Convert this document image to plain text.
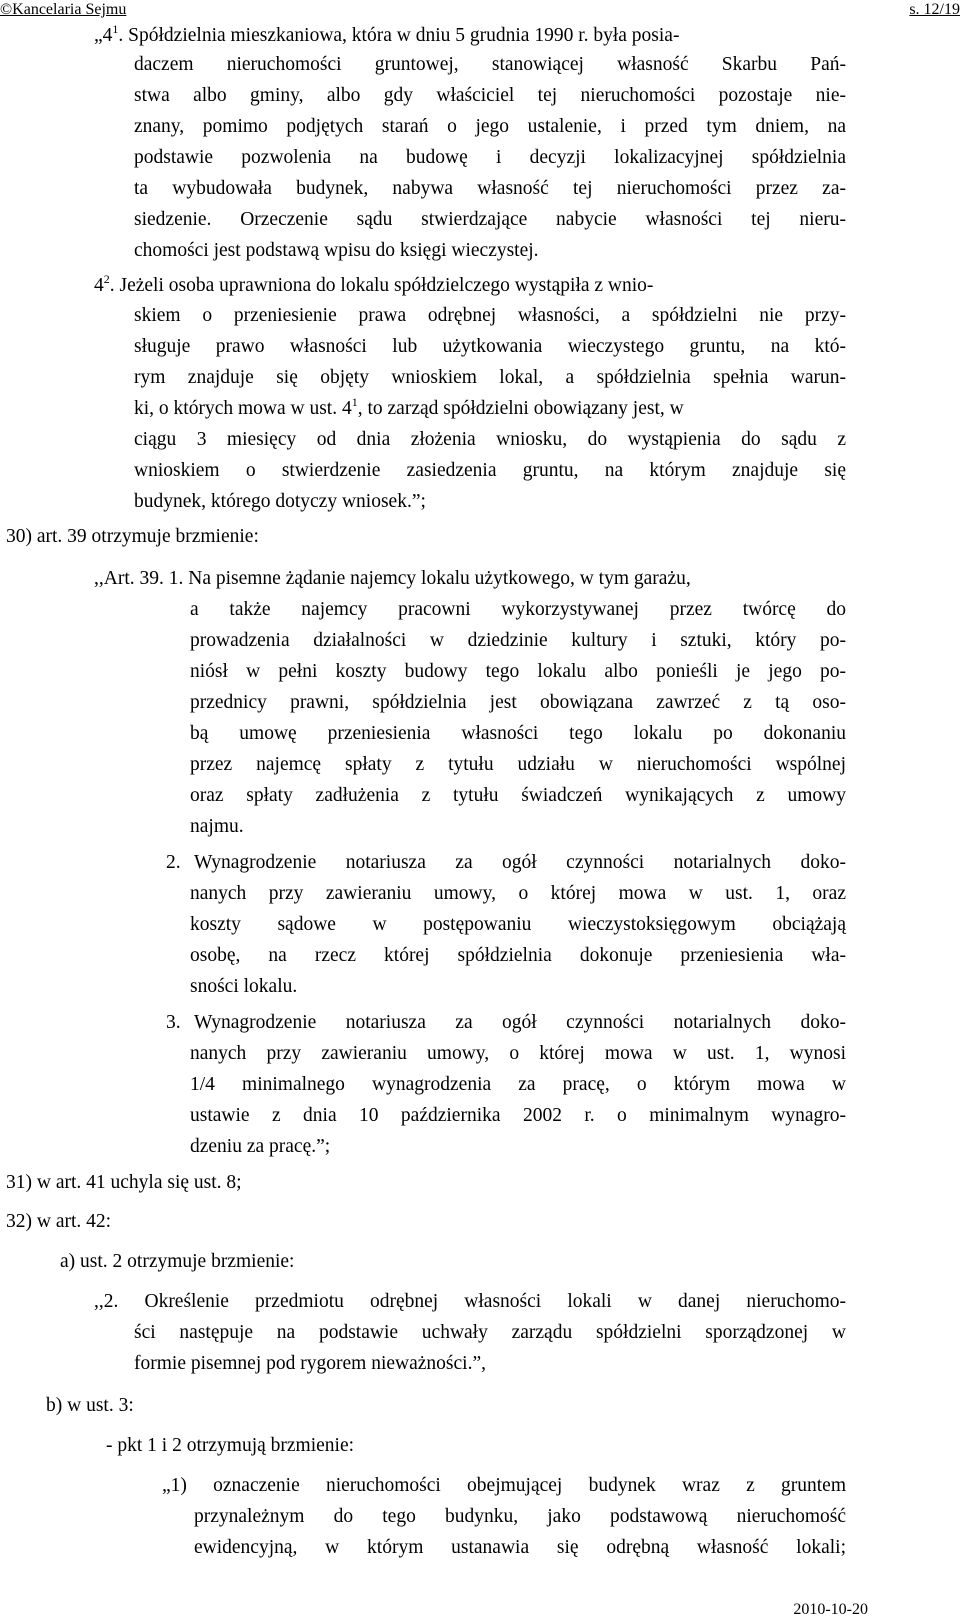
©Kancelaria Sejmu	s. 12/19
$„4^1$. Spółdzielnia mieszkaniowa, która w dniu 5 grudnia 1990 r. była posia-
daczem nieruchomości gruntowej, stanowiącej własność Skarbu Pań-
stwa albo gminy, albo gdy właściciel tej nieruchomości pozostaje nie-
znany, pomimo podjętych starań o jego ustalenie, i przed tym dniem, na
podstawie pozwolenia na budowę i decyzji lokalizacyjnej spółdzielnia
ta wybudowała budynek, nabywa własność tej nieruchomości przez za-
siedzenie. Orzeczenie sądu stwierdzające nabycie własności tej nieru-
chomości jest podstawą wpisu do księgi wieczystej.
$4^2$. Jeżeli osoba uprawniona do lokalu spółdzielczego wystąpiła z wnio-
skiem o przeniesienie prawa odrębnej własności, a spółdzielni nie przy-
sługuje prawo własności lub użytkowania wieczystego gruntu, na któ-
rym znajduje się objęty wnioskiem lokal, a spółdzielnia spełnia warun-
ki, o których mowa w ust. $4^1$, to zarząd spółdzielni obowiązany jest, w
ciągu 3 miesięcy od dnia złożenia wniosku, do wystąpienia do sądu z
wnioskiem o stwierdzenie zasiedzenia gruntu, na którym znajduje się
budynek, którego dotyczy wniosek.”;
30) art. 39 otrzymuje brzmienie:
,,Art. 39. 1. Na pisemne żądanie najemcy lokalu użytkowego, w tym garażu,
a także najemcy pracowni wykorzystywanej przez twórcę do
prowadzenia działalności w dziedzinie kultury i sztuki, który po-
niósł w pełni koszty budowy tego lokalu albo ponieśli je jego po-
przednicy prawni, spółdzielnia jest obowiązana zawrzeć z tą oso-
bą umowę przeniesienia własności tego lokalu po dokonaniu
przez najemcę spłaty z tytułu udziału w nieruchomości wspólnej
oraz spłaty zadłużenia z tytułu świadczeń wynikających z umowy
najmu.
2. Wynagrodzenie notariusza za ogół czynności notarialnych doko-
nanych przy zawieraniu umowy, o której mowa w ust. 1, oraz
koszty sądowe w postępowaniu wieczystoksięgowym obciążają
osobę, na rzecz której spółdzielnia dokonuje przeniesienia wła-
sności lokalu.
3. Wynagrodzenie notariusza za ogół czynności notarialnych doko-
nanych przy zawieraniu umowy, o której mowa w ust. 1, wynosi
1/4 minimalnego wynagrodzenia za pracę, o którym mowa w
ustawie z dnia 10 października 2002 r. o minimalnym wynagro-
dzeniu za pracę.”;
31) w art. 41 uchyla się ust. 8;
32) w art. 42:
a) ust. 2 otrzymuje brzmienie:
,,2. Określenie przedmiotu odrębnej własności lokali w danej nieruchomo-
ści następuje na podstawie uchwały zarządu spółdzielni sporządzonej w
formie pisemnej pod rygorem nieważności.”,
b) w ust. 3:
- pkt 1 i 2 otrzymują brzmienie:
„1) oznaczenie nieruchomości obejmującej budynek wraz z gruntem
przynależnym do tego budynku, jako podstawową nieruchomość
ewidencyjną, w którym ustanawia się odrębną własność lokali;
2010-10-20
